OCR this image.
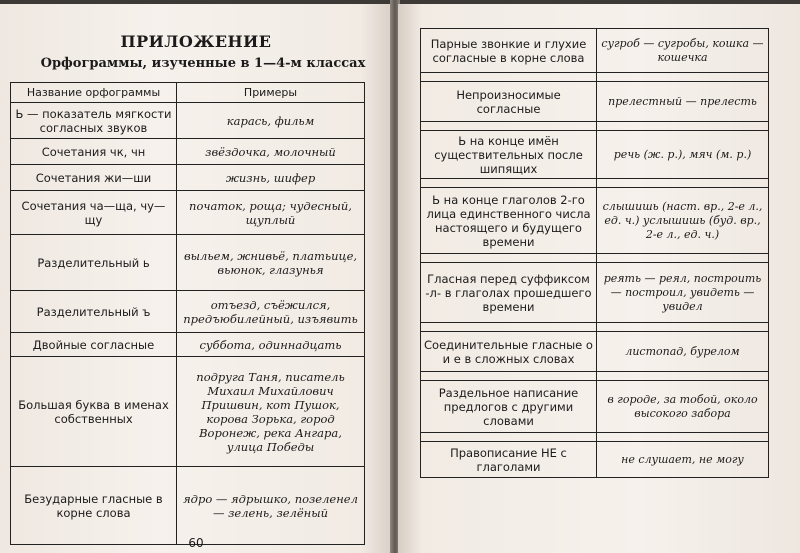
ПРИЛОЖЕНИЕ
Орфограммы, изученные в 1—4-м классах
Название орфограммы	Примеры
Ь — показатель мягкости согласных звуков	карась, фильм
Сочетания чк, чн	звёздочка, молочный
Сочетания жи—ши	жизнь, шифер
Сочетания ча—ща, чу—щу	початок, роща; чудесный, щуплый
Разделительный ь	выльем, жнивьё, платьице, вьюнок, глазунья
Разделительный ъ	отъезд, съёжился, предъюбилейный, изъявить
Двойные согласные	суббота, одиннадцать
Большая буква в именах собственных	подруга Таня, писатель Михаил Михайлович Пришвин, кот Пушок, корова Зорька, город Воронеж, река Ангара, улица Победы
Безударные гласные в корне слова	ядро — ядрышко, позеленел — зелень, зелёный
60
Парные звонкие и глухие согласные в корне слова	сугроб — сугробы, кошка — кошечка

Непроизносимые согласные	прелестный — прелесть

Ь на конце имён существительных после шипящих	речь (ж. р.), мяч (м. р.)

Ь на конце глаголов 2-го лица единственного числа настоящего и будущего времени	слышишь (наст. вр., 2-е л., ед. ч.) услышишь (буд. вр., 2-е л., ед. ч.)

Гласная перед суффиксом -л- в глаголах прошедшего времени	реять — реял, построить — построил, увидеть — увидел

Соединительные гласные о и е в сложных словах	листопад, бурелом

Раздельное написание предлогов с другими словами	в городе, за тобой, около высокого забора

Правописание НЕ с глаголами	не слушает, не могу
